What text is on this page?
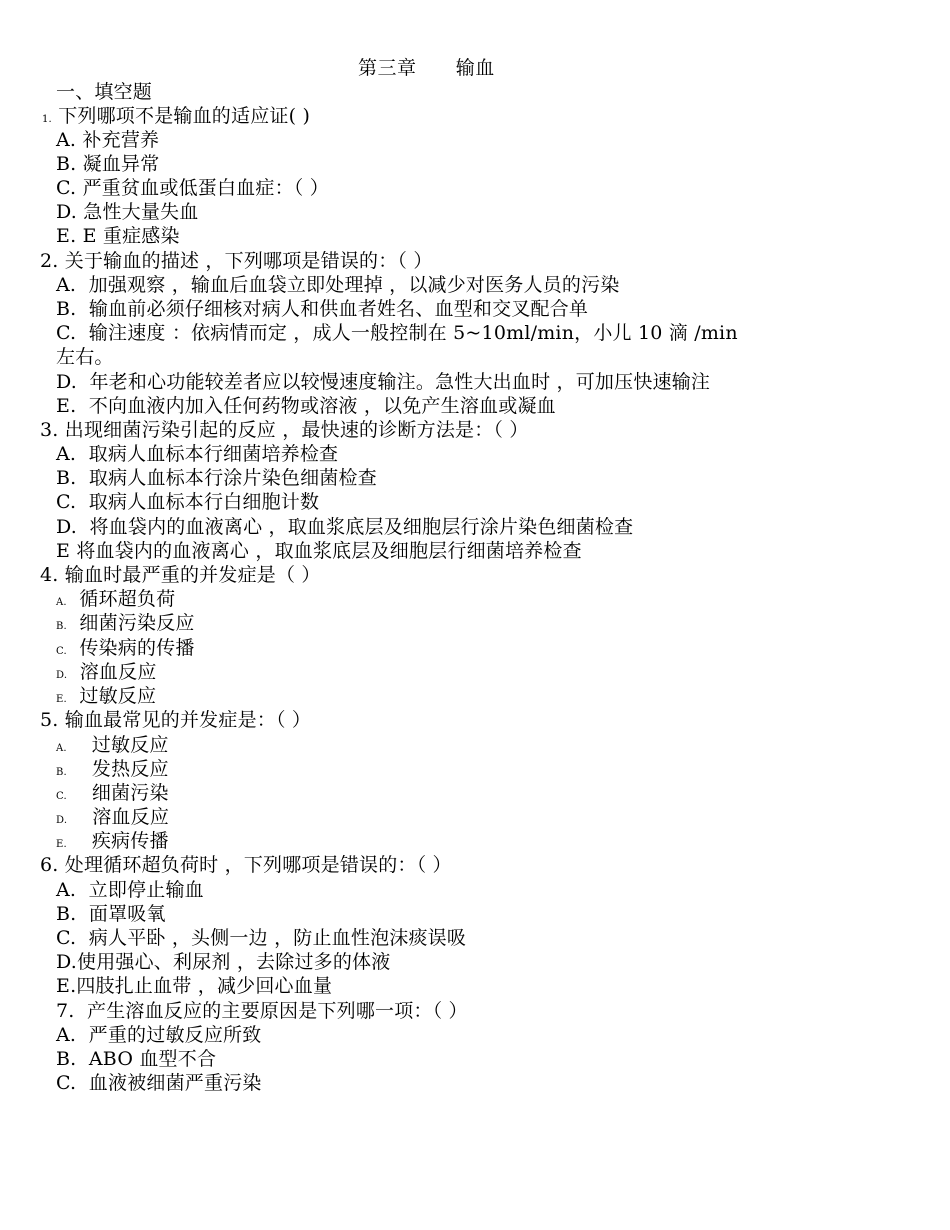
第三章 输血
一、填空题
1. 下列哪项不是输血的适应证( )
A. 补充营养
B. 凝血异常
C. 严重贫血或低蛋白血症：（ ）
D. 急性大量失血
E. E 重症感染
2. 关于输血的描述 ，下列哪项是错误的：（ ）
A. 加强观察 ，输血后血袋立即处理掉 ，以减少对医务人员的污染
B. 输血前必须仔细核对病人和供血者姓名、血型和交叉配合单
C. 输注速度 ：依病情而定 ，成人一般控制在 5~10ml/min，小儿 10 滴 /min
左右。
D. 年老和心功能较差者应以较慢速度输注。急性大出血时 ，可加压快速输注
E. 不向血液内加入任何药物或溶液 ，以免产生溶血或凝血
3. 出现细菌污染引起的反应 ，最快速的诊断方法是：（ ）
A. 取病人血标本行细菌培养检查
B. 取病人血标本行涂片染色细菌检查
C. 取病人血标本行白细胞计数
D. 将血袋内的血液离心 ，取血浆底层及细胞层行涂片染色细菌检查
E 将血袋内的血液离心 ，取血浆底层及细胞层行细菌培养检查
4. 输血时最严重的并发症是（ ）
A. 循环超负荷
B. 细菌污染反应
C. 传染病的传播
D. 溶血反应
E. 过敏反应
5. 输血最常见的并发症是：（ ）
A. 过敏反应
B. 发热反应
C. 细菌污染
D. 溶血反应
E. 疾病传播
6. 处理循环超负荷时 ，下列哪项是错误的：（ ）
A. 立即停止输血
B. 面罩吸氧
C. 病人平卧 ，头侧一边 ，防止血性泡沫痰误吸
D.使用强心、利尿剂 ，去除过多的体液
E.四肢扎止血带 ，减少回心血量
7. 产生溶血反应的主要原因是下列哪一项：（ ）
A. 严重的过敏反应所致
B. ABO 血型不合
C. 血液被细菌严重污染
